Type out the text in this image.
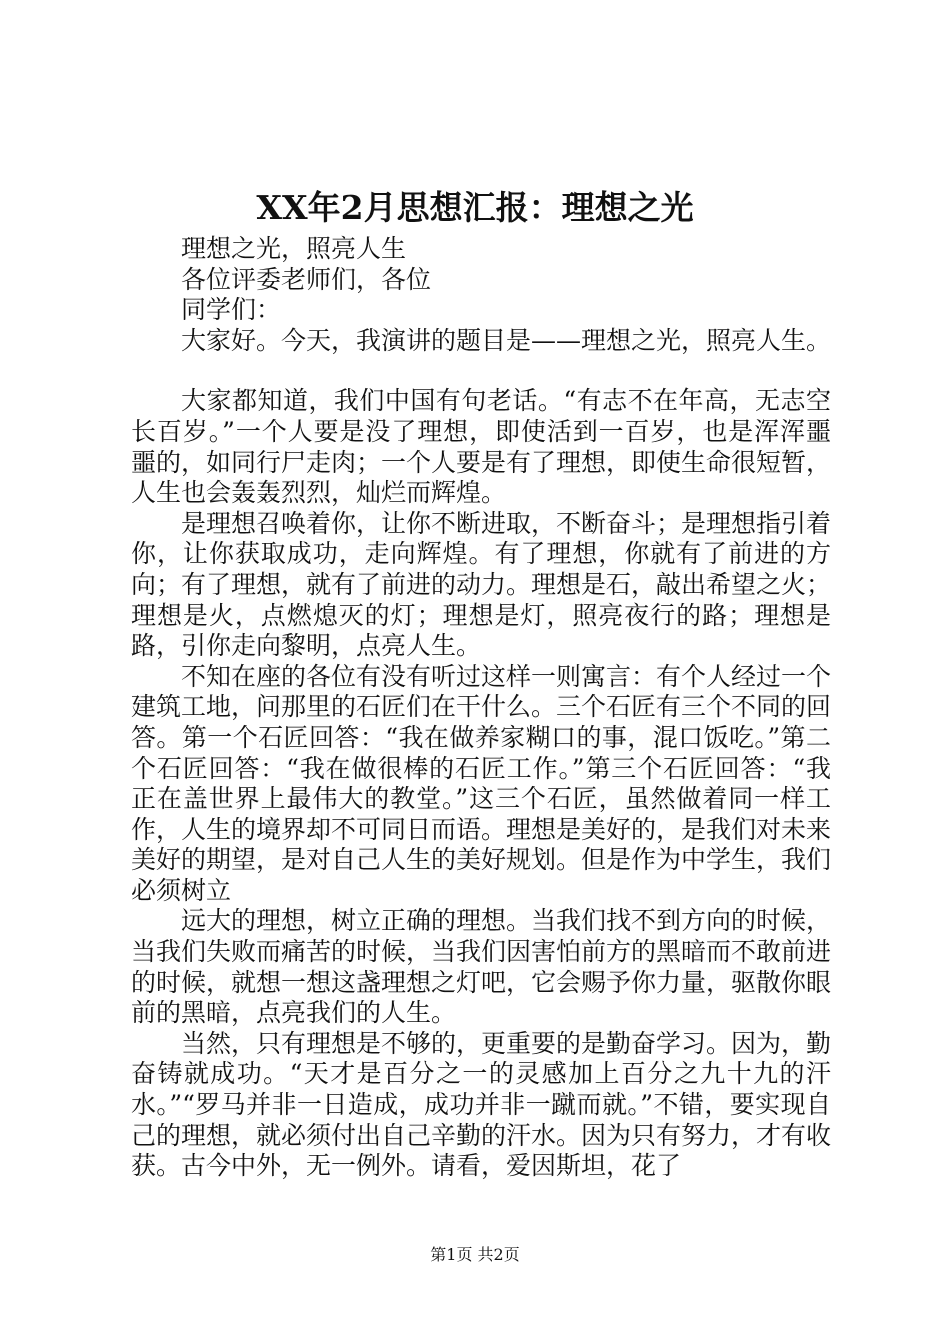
XX年2月思想汇报：理想之光

理想之光，照亮人生

各位评委老师们，各位

同学们：

大家好。今天，我演讲的题目是——理想之光，照亮人生。

大家都知道，我们中国有句老话。“有志不在年高，无志空长百岁。”一个人要是没了理想，即使活到一百岁，也是浑浑噩噩的，如同行尸走肉；一个人要是有了理想，即使生命很短暂，人生也会轰轰烈烈，灿烂而辉煌。

是理想召唤着你，让你不断进取，不断奋斗；是理想指引着你，让你获取成功，走向辉煌。有了理想，你就有了前进的方向；有了理想，就有了前进的动力。理想是石，敲出希望之火；理想是火，点燃熄灭的灯；理想是灯，照亮夜行的路；理想是路，引你走向黎明，点亮人生。

不知在座的各位有没有听过这样一则寓言：有个人经过一个建筑工地，问那里的石匠们在干什么。三个石匠有三个不同的回答。第一个石匠回答：“我在做养家糊口的事，混口饭吃。”第二个石匠回答：“我在做很棒的石匠工作。”第三个石匠回答：“我正在盖世界上最伟大的教堂。”这三个石匠，虽然做着同一样工作，人生的境界却不可同日而语。理想是美好的，是我们对未来美好的期望，是对自己人生的美好规划。但是作为中学生，我们必须树立

远大的理想，树立正确的理想。当我们找不到方向的时候，当我们失败而痛苦的时候，当我们因害怕前方的黑暗而不敢前进的时候，就想一想这盏理想之灯吧，它会赐予你力量，驱散你眼前的黑暗，点亮我们的人生。

当然，只有理想是不够的，更重要的是勤奋学习。因为，勤奋铸就成功。“天才是百分之一的灵感加上百分之九十九的汗水。”“罗马并非一日造成，成功并非一蹴而就。”不错，要实现自己的理想，就必须付出自己辛勤的汗水。因为只有努力，才有收获。古今中外，无一例外。请看，爱因斯坦，花了

第1页 共2页
